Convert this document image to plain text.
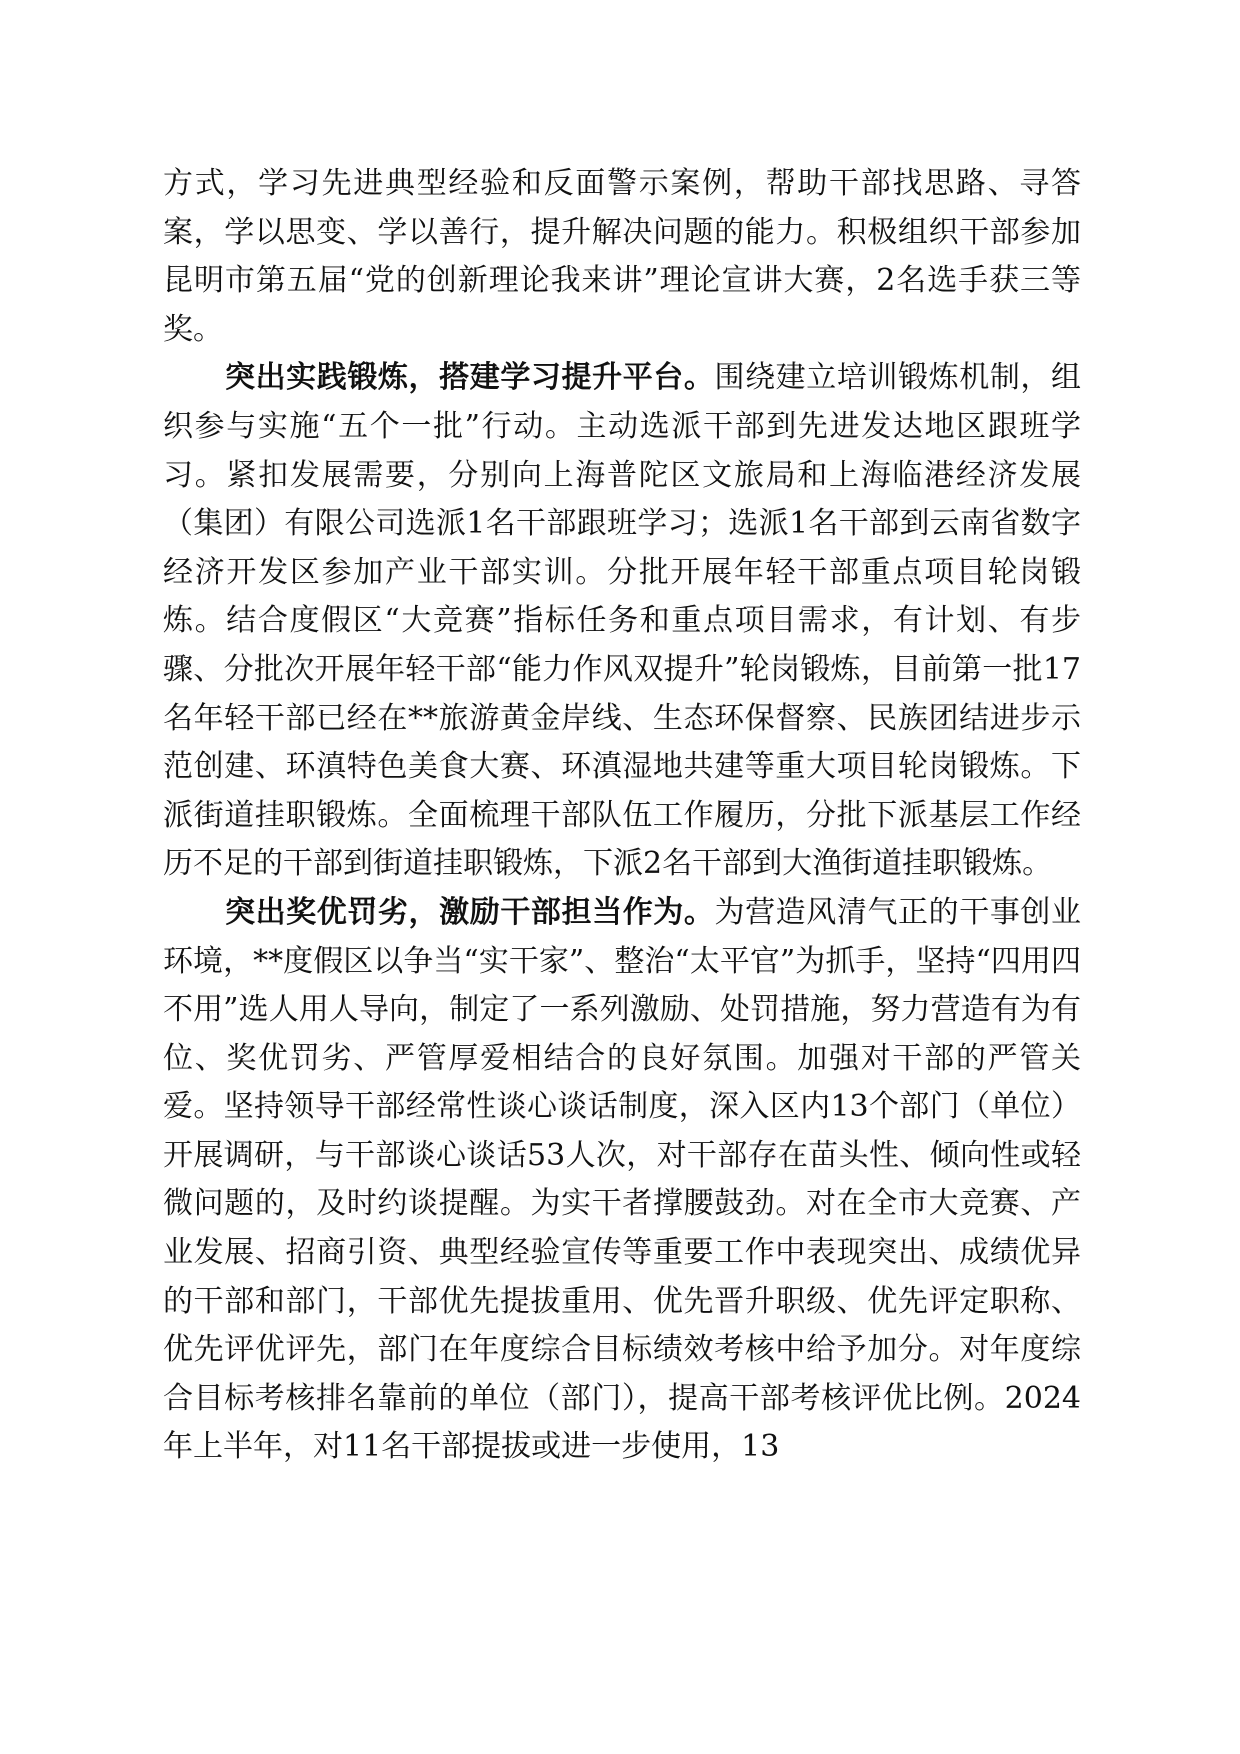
方式，学习先进典型经验和反面警示案例，帮助干部找思路、寻答案，学以思变、学以善行，提升解决问题的能力。积极组织干部参加昆明市第五届“党的创新理论我来讲”理论宣讲大赛，2名选手获三等奖。

突出实践锻炼，搭建学习提升平台。围绕建立培训锻炼机制，组织参与实施“五个一批”行动。主动选派干部到先进发达地区跟班学习。紧扣发展需要，分别向上海普陀区文旅局和上海临港经济发展（集团）有限公司选派1名干部跟班学习；选派1名干部到云南省数字经济开发区参加产业干部实训。分批开展年轻干部重点项目轮岗锻炼。结合度假区“大竞赛”指标任务和重点项目需求，有计划、有步骤、分批次开展年轻干部“能力作风双提升”轮岗锻炼，目前第一批17名年轻干部已经在**旅游黄金岸线、生态环保督察、民族团结进步示范创建、环滇特色美食大赛、环滇湿地共建等重大项目轮岗锻炼。下派街道挂职锻炼。全面梳理干部队伍工作履历，分批下派基层工作经历不足的干部到街道挂职锻炼，下派2名干部到大渔街道挂职锻炼。

突出奖优罚劣，激励干部担当作为。为营造风清气正的干事创业环境，**度假区以争当“实干家”、整治“太平官”为抓手，坚持“四用四不用”选人用人导向，制定了一系列激励、处罚措施，努力营造有为有位、奖优罚劣、严管厚爱相结合的良好氛围。加强对干部的严管关爱。坚持领导干部经常性谈心谈话制度，深入区内13个部门（单位）开展调研，与干部谈心谈话53人次，对干部存在苗头性、倾向性或轻微问题的，及时约谈提醒。为实干者撑腰鼓劲。对在全市大竞赛、产业发展、招商引资、典型经验宣传等重要工作中表现突出、成绩优异的干部和部门，干部优先提拔重用、优先晋升职级、优先评定职称、优先评优评先，部门在年度综合目标绩效考核中给予加分。对年度综合目标考核排名靠前的单位（部门），提高干部考核评优比例。2024年上半年，对11名干部提拔或进一步使用，13
